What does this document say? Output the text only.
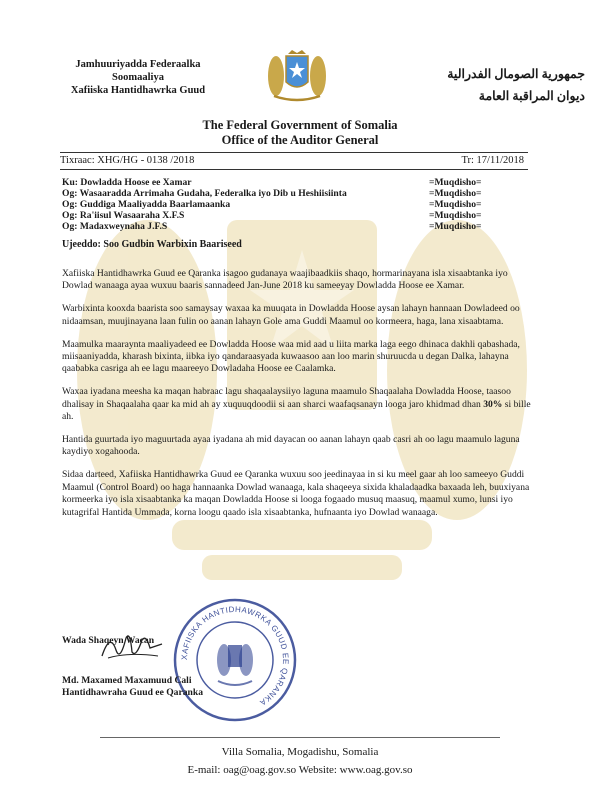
Jamhuuriyadda Federaalka
Soomaaliya
Xafiiska Hantidhawrka Guud
جمهورية الصومال الفدرالية
ديوان المراقبة العامة
The Federal Government of Somalia
Office of the Auditor General
Tixraac: XHG/HG - 0138 /2018	Tr: 17/11/2018
Ku: Dowladda Hoose ee Xamar	=Muqdisho=
Og: Wasaaradda Arrimaha Gudaha, Federalka iyo Dib u Heshiisiinta	=Muqdisho=
Og: Guddiga Maaliyadda Baarlamaanka	=Muqdisho=
Og: Ra'iisul Wasaaraha X.F.S	=Muqdisho=
Og: Madaxweynaha J.F.S	=Muqdisho=
Ujeeddo: Soo Gudbin Warbixin Baariseed

Xafiiska Hantidhawrka Guud ee Qaranka isagoo gudanaya waajibaadkiis shaqo, hormarinayana isla xisaabtanka iyo Dowlad wanaaga ayaa wuxuu baaris sannadeed Jan-June 2018 ku sameeyay Dowladda Hoose ee Xamar.

Warbixinta kooxda baarista soo samaysay waxaa ka muuqata in Dowladda Hoose aysan lahayn hannaan Dowladeed oo nidaamsan, muujinayana laan fulin oo aanan lahayn Gole ama Guddi Maamul oo kormeera, haga, lana xisaabtama.

Maamulka maaraynta maaliyadeed ee Dowladda Hoose waa mid aad u liita marka laga eego dhinaca dakhli qabashada, miisaaniyadda, kharash bixinta, iibka iyo qandaraasyada kuwaasoo aan loo marin shuruucda u degan Dalka, lahayna qaababka casriga ah ee lagu maareeyo Dowladaha Hoose ee Caalamka.

Waxaa iyadana meesha ka maqan habraac lagu shaqaalaysiiyo laguna maamulo Shaqaalaha Dowladda Hoose, taasoo dhalisay in Shaqaalaha qaar ka mid ah ay xuquuqdoodii si aan sharci waafaqsanayn looga jaro khidmad dhan 30% si bille ah.

Hantida guurtada iyo maguurtada ayaa iyadana ah mid dayacan oo aanan lahayn qaab casri ah oo lagu maamulo laguna kaydiyo xogahooda.

Sidaa darteed, Xafiiska Hantidhawrka Guud ee Qaranka wuxuu soo jeedinayaa in si ku meel gaar ah loo sameeyo Guddi Maamul (Control Board) oo haga hannaanka Dowlad wanaaga, kala shaqeeya sixida khaladaadka baxaada leh, buuxiyana kormeerka iyo isla xisaabtanka ka maqan Dowladda Hoose si looga fogaado musuq maasuq, maamul xumo, lunsi iyo kutagrifal Hantida Ummada, korna loogu qaado isla xisaabtanka, hufnaanta iyo Dowlad wanaaga.

Wada Shaqeyn Wacan
XAFIISKA HANTIDHAWRKA GUUD EE QARANKA
Md. Maxamed Maxamuud Cali
Hantidhawraha Guud ee Qaranka
Villa Somalia, Mogadishu, Somalia
E-mail: oag@oag.gov.so Website: www.oag.gov.so
